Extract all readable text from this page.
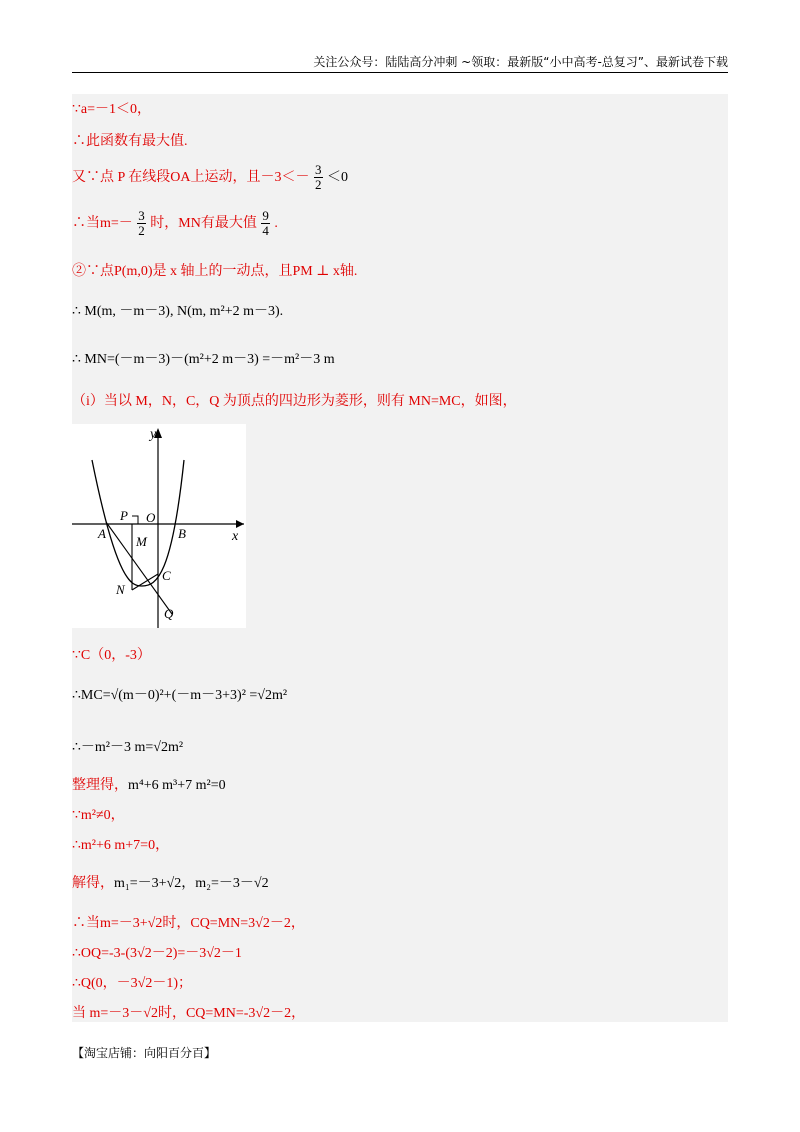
关注公众号：陆陆高分冲刺 ~领取：最新版“小中高考-总复习”、最新试卷下载
∵a=－1＜0，
∴此函数有最大值.
又∵点 P 在线段OA上运动，且$-3<- \frac{3}{2} <0$
∴当$m=- \frac{3}{2}$ 时，MN有最大值 $\frac{9}{4}$ .
②∵点P(m,0)是 x 轴上的一动点，且PM ⊥ x轴.
∴ M(m, －m－3), N(m, m²+2 m－3).
∴ MN=(－m－3)－(m²+2 m－3) =－m²－3 m
（i）当以 M，N，C，Q 为顶点的四边形为菱形，则有 MN=MC，如图，
∵C（0，-3）
∴MC=√(m－0)²+(－m－3+3)² =√2m²
∴－m²－3 m=√2m²
整理得，m⁴+6 m³+7 m²=0
∵m²≠0，
∴m²+6 m+7=0，
解得，m₁=－3+√2，m₂=－3－√2
∴当m=－3+√2时，CQ=MN=3√2－2，
∴OQ=-3-(3√2－2)=－3√2－1
∴Q(0，－3√2－1)；
当 m=－3－√2时，CQ=MN=-3√2－2，
y
x
P O
A	B
M
C
N
Q
【淘宝店铺：向阳百分百】
